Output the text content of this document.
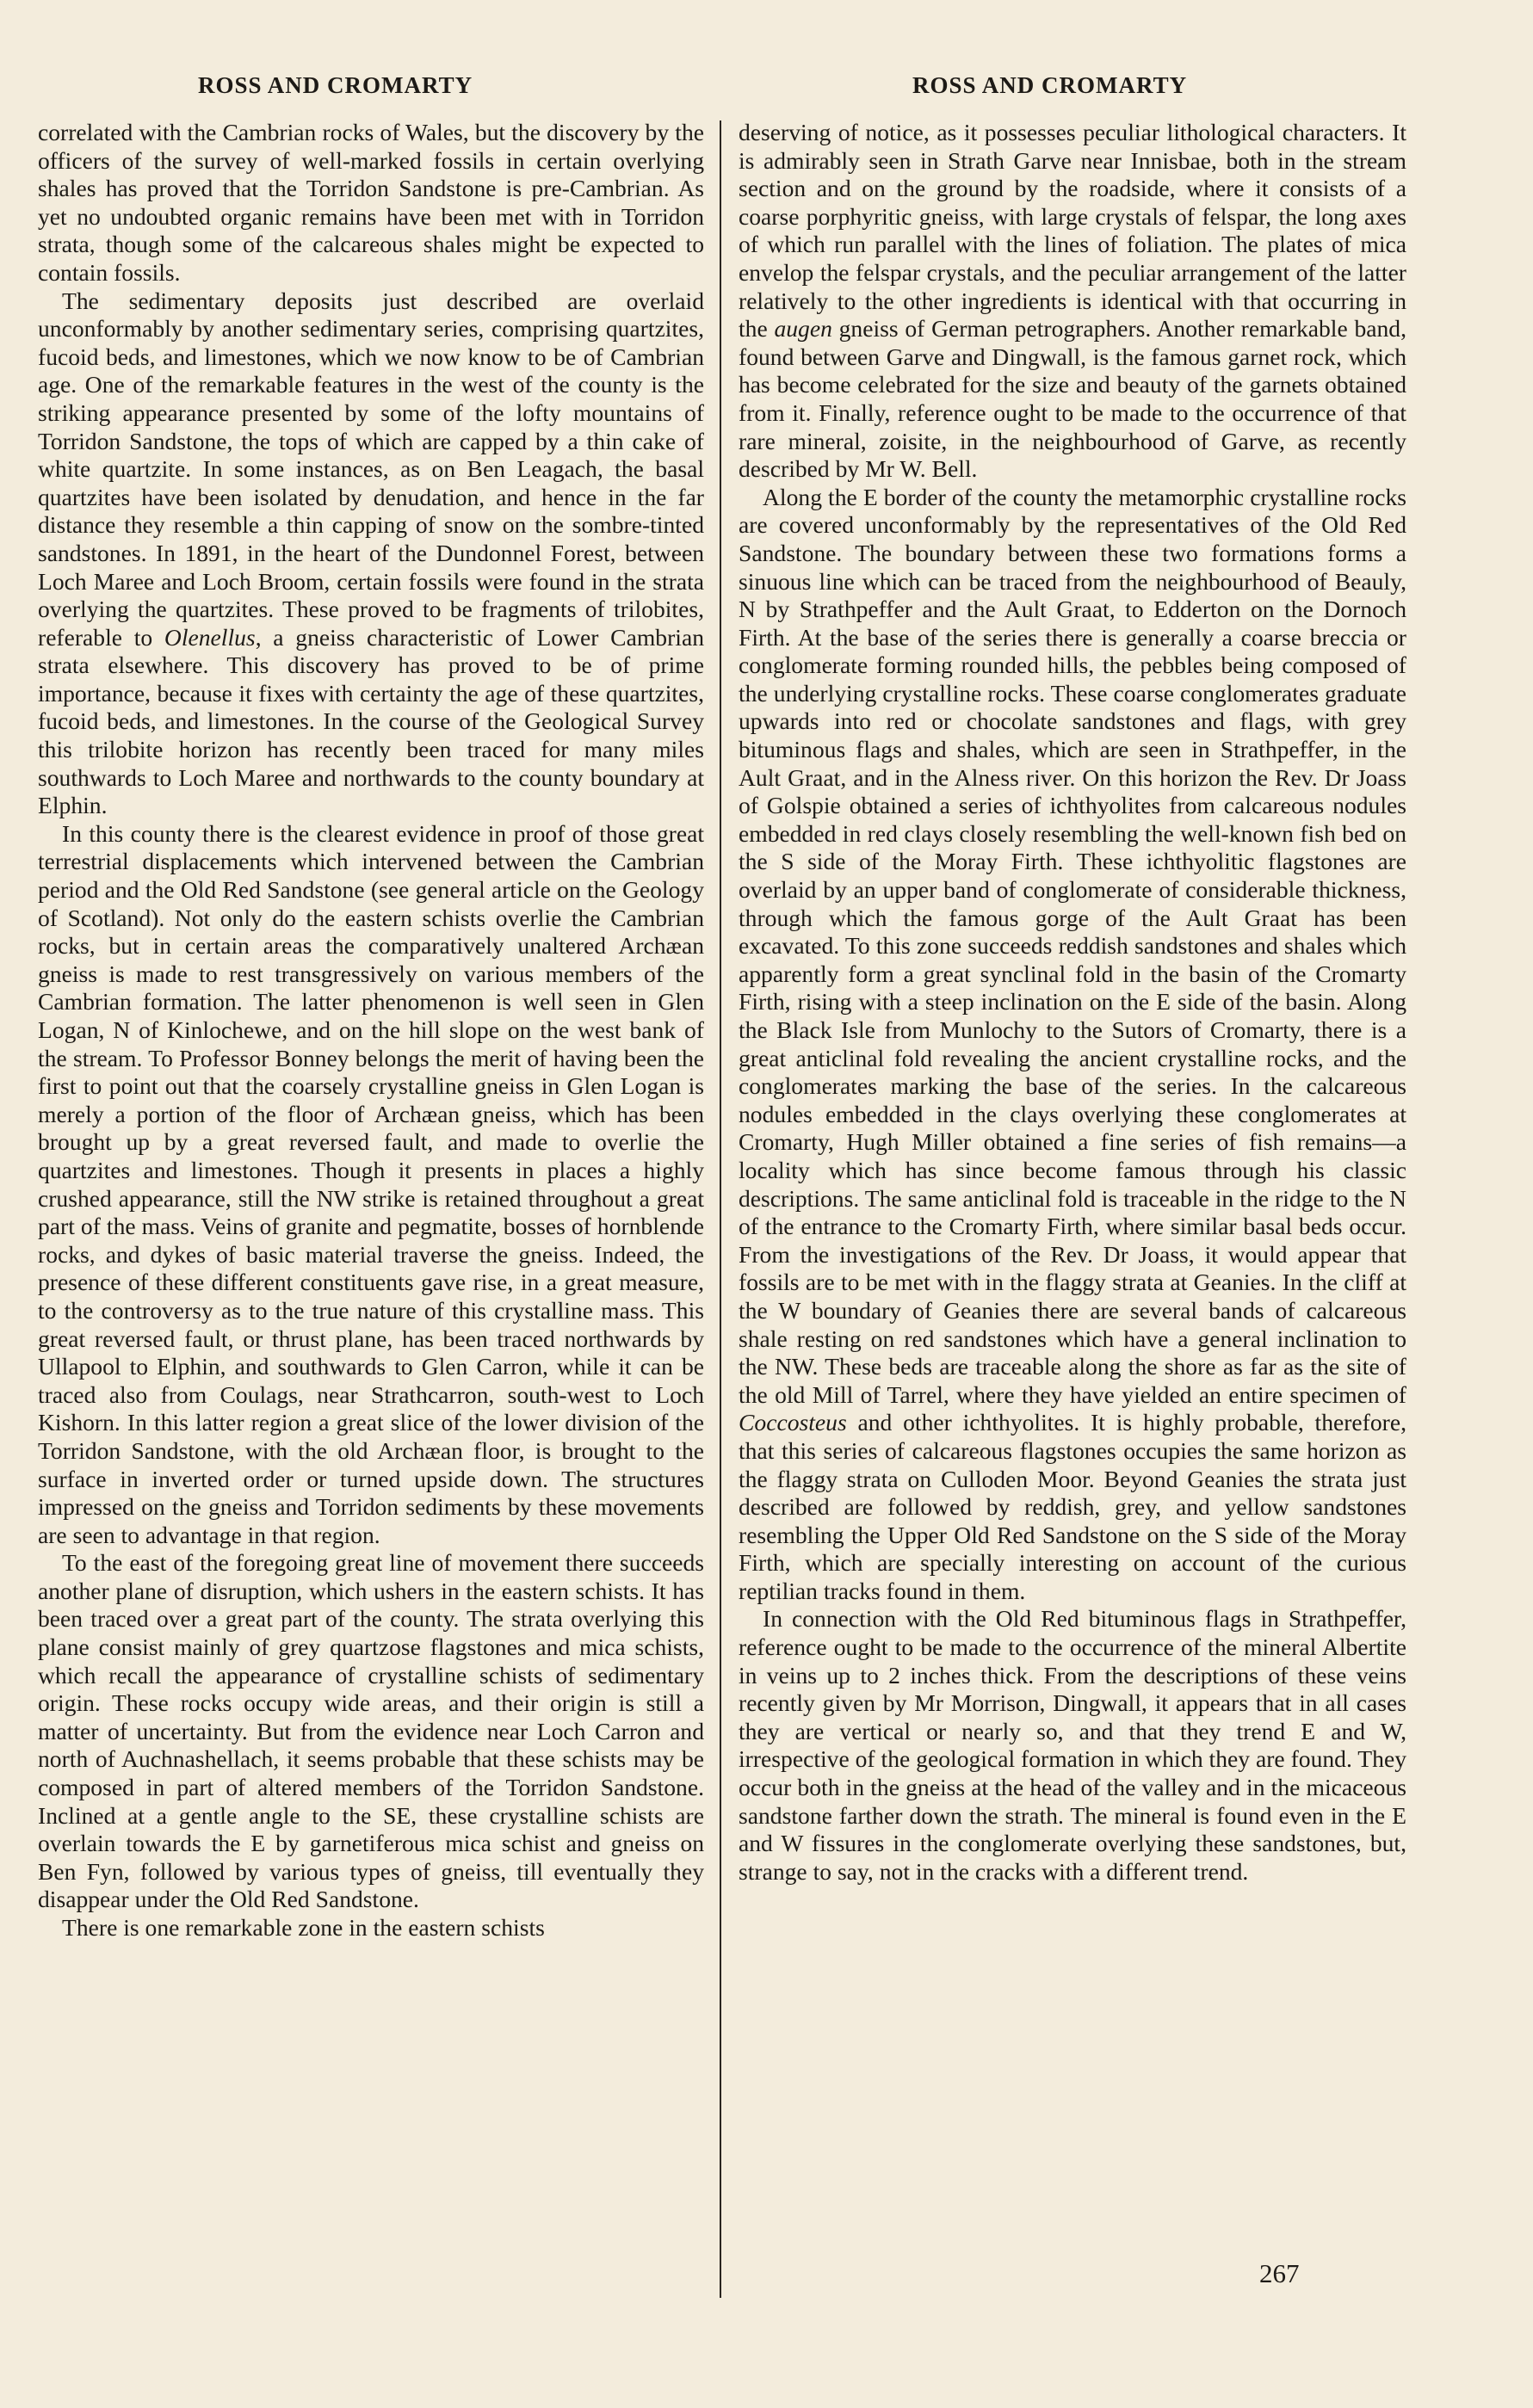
ROSS AND CROMARTY	ROSS AND CROMARTY

correlated with the Cambrian rocks of Wales, but the discovery by the officers of the survey of well-marked fossils in certain overlying shales has proved that the Torridon Sandstone is pre-Cambrian. As yet no undoubted organic remains have been met with in Torridon strata, though some of the calcareous shales might be expected to contain fossils.

The sedimentary deposits just described are overlaid unconformably by another sedimentary series, comprising quartzites, fucoid beds, and limestones, which we now know to be of Cambrian age. One of the remarkable features in the west of the county is the striking appearance presented by some of the lofty mountains of Torridon Sandstone, the tops of which are capped by a thin cake of white quartzite. In some instances, as on Ben Leagach, the basal quartzites have been isolated by denudation, and hence in the far distance they resemble a thin capping of snow on the sombre-tinted sandstones. In 1891, in the heart of the Dundonnel Forest, between Loch Maree and Loch Broom, certain fossils were found in the strata overlying the quartzites. These proved to be fragments of trilobites, referable to Olenellus, a gneiss characteristic of Lower Cambrian strata elsewhere. This discovery has proved to be of prime importance, because it fixes with certainty the age of these quartzites, fucoid beds, and limestones. In the course of the Geological Survey this trilobite horizon has recently been traced for many miles southwards to Loch Maree and northwards to the county boundary at Elphin.

In this county there is the clearest evidence in proof of those great terrestrial displacements which intervened between the Cambrian period and the Old Red Sandstone (see general article on the Geology of Scotland). Not only do the eastern schists overlie the Cambrian rocks, but in certain areas the comparatively unaltered Archæan gneiss is made to rest transgressively on various members of the Cambrian formation. The latter phenomenon is well seen in Glen Logan, N of Kinlochewe, and on the hill slope on the west bank of the stream. To Professor Bonney belongs the merit of having been the first to point out that the coarsely crystalline gneiss in Glen Logan is merely a portion of the floor of Archæan gneiss, which has been brought up by a great reversed fault, and made to overlie the quartzites and limestones. Though it presents in places a highly crushed appearance, still the NW strike is retained throughout a great part of the mass. Veins of granite and pegmatite, bosses of hornblende rocks, and dykes of basic material traverse the gneiss. Indeed, the presence of these different constituents gave rise, in a great measure, to the controversy as to the true nature of this crystalline mass. This great reversed fault, or thrust plane, has been traced northwards by Ullapool to Elphin, and southwards to Glen Carron, while it can be traced also from Coulags, near Strathcarron, south-west to Loch Kishorn. In this latter region a great slice of the lower division of the Torridon Sandstone, with the old Archæan floor, is brought to the surface in inverted order or turned upside down. The structures impressed on the gneiss and Torridon sediments by these movements are seen to advantage in that region.

To the east of the foregoing great line of movement there succeeds another plane of disruption, which ushers in the eastern schists. It has been traced over a great part of the county. The strata overlying this plane consist mainly of grey quartzose flagstones and mica schists, which recall the appearance of crystalline schists of sedimentary origin. These rocks occupy wide areas, and their origin is still a matter of uncertainty. But from the evidence near Loch Carron and north of Auchnashellach, it seems probable that these schists may be composed in part of altered members of the Torridon Sandstone. Inclined at a gentle angle to the SE, these crystalline schists are overlain towards the E by garnetiferous mica schist and gneiss on Ben Fyn, followed by various types of gneiss, till eventually they disappear under the Old Red Sandstone.

There is one remarkable zone in the eastern schists

deserving of notice, as it possesses peculiar lithological characters. It is admirably seen in Strath Garve near Innisbae, both in the stream section and on the ground by the roadside, where it consists of a coarse porphyritic gneiss, with large crystals of felspar, the long axes of which run parallel with the lines of foliation. The plates of mica envelop the felspar crystals, and the peculiar arrangement of the latter relatively to the other ingredients is identical with that occurring in the augen gneiss of German petrographers. Another remarkable band, found between Garve and Dingwall, is the famous garnet rock, which has become celebrated for the size and beauty of the garnets obtained from it. Finally, reference ought to be made to the occurrence of that rare mineral, zoisite, in the neighbourhood of Garve, as recently described by Mr W. Bell.

Along the E border of the county the metamorphic crystalline rocks are covered unconformably by the representatives of the Old Red Sandstone. The boundary between these two formations forms a sinuous line which can be traced from the neighbourhood of Beauly, N by Strathpeffer and the Ault Graat, to Edderton on the Dornoch Firth. At the base of the series there is generally a coarse breccia or conglomerate forming rounded hills, the pebbles being composed of the underlying crystalline rocks. These coarse conglomerates graduate upwards into red or chocolate sandstones and flags, with grey bituminous flags and shales, which are seen in Strathpeffer, in the Ault Graat, and in the Alness river. On this horizon the Rev. Dr Joass of Golspie obtained a series of ichthyolites from calcareous nodules embedded in red clays closely resembling the well-known fish bed on the S side of the Moray Firth. These ichthyolitic flagstones are overlaid by an upper band of conglomerate of considerable thickness, through which the famous gorge of the Ault Graat has been excavated. To this zone succeeds reddish sandstones and shales which apparently form a great synclinal fold in the basin of the Cromarty Firth, rising with a steep inclination on the E side of the basin. Along the Black Isle from Munlochy to the Sutors of Cromarty, there is a great anticlinal fold revealing the ancient crystalline rocks, and the conglomerates marking the base of the series. In the calcareous nodules embedded in the clays overlying these conglomerates at Cromarty, Hugh Miller obtained a fine series of fish remains—a locality which has since become famous through his classic descriptions. The same anticlinal fold is traceable in the ridge to the N of the entrance to the Cromarty Firth, where similar basal beds occur. From the investigations of the Rev. Dr Joass, it would appear that fossils are to be met with in the flaggy strata at Geanies. In the cliff at the W boundary of Geanies there are several bands of calcareous shale resting on red sandstones which have a general inclination to the NW. These beds are traceable along the shore as far as the site of the old Mill of Tarrel, where they have yielded an entire specimen of Coccosteus and other ichthyolites. It is highly probable, therefore, that this series of calcareous flagstones occupies the same horizon as the flaggy strata on Culloden Moor. Beyond Geanies the strata just described are followed by reddish, grey, and yellow sandstones resembling the Upper Old Red Sandstone on the S side of the Moray Firth, which are specially interesting on account of the curious reptilian tracks found in them.

In connection with the Old Red bituminous flags in Strathpeffer, reference ought to be made to the occurrence of the mineral Albertite in veins up to 2 inches thick. From the descriptions of these veins recently given by Mr Morrison, Dingwall, it appears that in all cases they are vertical or nearly so, and that they trend E and W, irrespective of the geological formation in which they are found. They occur both in the gneiss at the head of the valley and in the micaceous sandstone farther down the strath. The mineral is found even in the E and W fissures in the conglomerate overlying these sandstones, but, strange to say, not in the cracks with a different trend.

267
